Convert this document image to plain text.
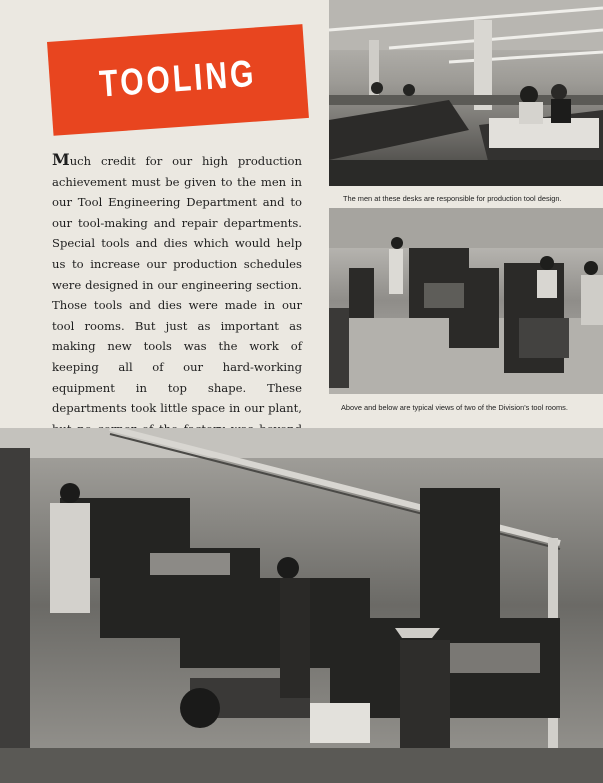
TOOLING
Much credit for our high production achievement must be given to the men in our Tool Engineering Department and to our tool-making and repair departments. Special tools and dies which would help us to increase our production schedules were designed in our engineering section. Those tools and dies were made in our tool rooms. But just as important as making new tools was the work of keeping all of our hard-working equipment in top shape. These departments took little space in our plant,
The men at these desks are responsible for production tool design.
Above and below are typical views of two of the Division's tool rooms.
